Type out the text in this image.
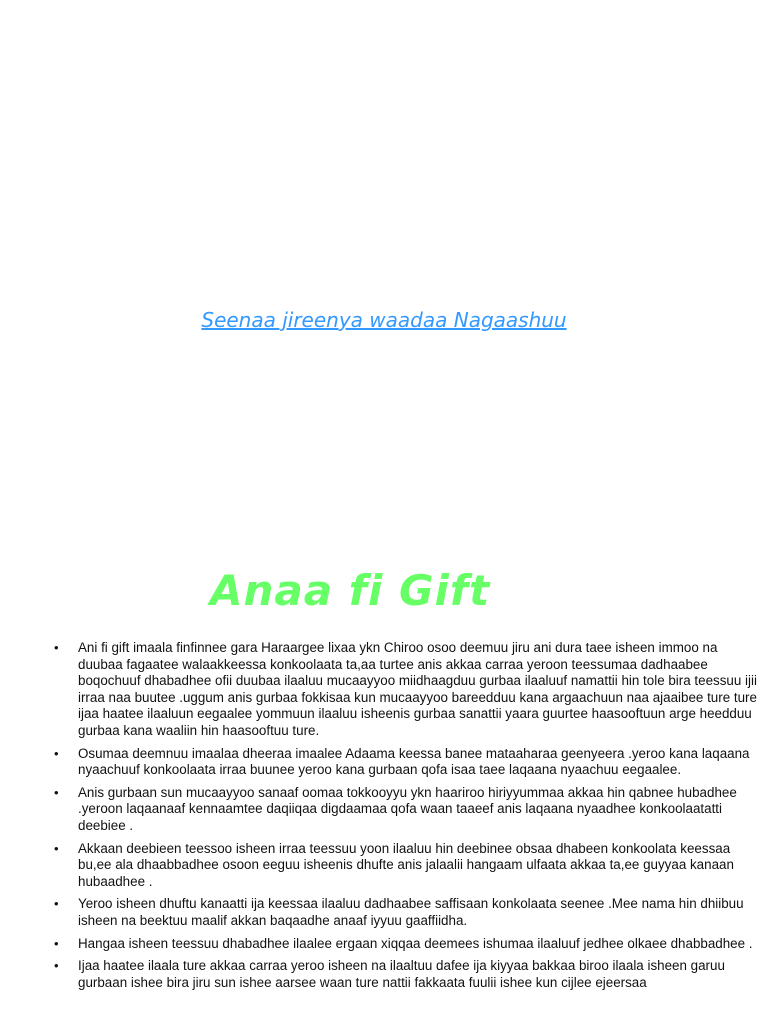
Seenaa jireenya waadaa Nagaashuu
Anaa fi Gift
• Ani fi gift imaala finfinnee gara Haraargee lixaa ykn Chiroo osoo deemuu jiru ani dura taee isheen immoo na duubaa fagaatee walaakkeessa konkoolaata ta,aa turtee anis akkaa carraa yeroon teessumaa dadhaabee boqochuuf dhabadhee ofii duubaa ilaaluu mucaayyoo miidhaagduu gurbaa ilaaluuf namattii hin tole bira teessuu ijii irraa naa buutee .uggum anis gurbaa fokkisaa kun mucaayyoo bareedduu kana argaachuun naa ajaaibee ture ture ijaa haatee ilaaluun eegaalee yommuun ilaaluu isheenis gurbaa sanattii yaara guurtee haasooftuun arge heedduu gurbaa kana waaliin hin haasooftuu ture.
• Osumaa deemnuu imaalaa dheeraa imaalee Adaama keessa banee mataaharaa geenyeera .yeroo kana laqaana nyaachuuf konkoolaata irraa buunee yeroo kana gurbaan qofa isaa taee laqaana nyaachuu eegaalee.
• Anis gurbaan sun mucaayyoo sanaaf oomaa tokkooyyu ykn haariroo hiriyyummaa akkaa hin qabnee hubadhee .yeroon laqaanaaf kennaamtee daqiiqaa digdaamaa qofa waan taaeef anis laqaana nyaadhee konkoolaatatti deebiee .
• Akkaan deebieen teessoo isheen irraa teessuu yoon ilaaluu hin deebinee obsaa dhabeen konkoolata keessaa bu,ee ala dhaabbadhee osoon eeguu isheenis dhufte anis jalaalii hangaam ulfaata akkaa ta,ee guyyaa kanaan hubaadhee .
• Yeroo isheen dhuftu kanaatti ija keessaa ilaaluu dadhaabee saffisaan konkolaata seenee .Mee nama hin dhiibuu isheen na beektuu maalif akkan baqaadhe anaaf iyyuu gaaffiidha.
• Hangaa isheen teessuu dhabadhee ilaalee ergaan xiqqaa deemees ishumaa ilaaluuf jedhee olkaee dhabbadhee .
• Ijaa haatee ilaala ture akkaa carraa yeroo isheen na ilaaltuu dafee ija kiyyaa bakkaa biroo ilaala isheen garuu gurbaan ishee bira jiru sun ishee aarsee waan ture nattii fakkaata fuulii ishee kun cijlee ejeersaa
